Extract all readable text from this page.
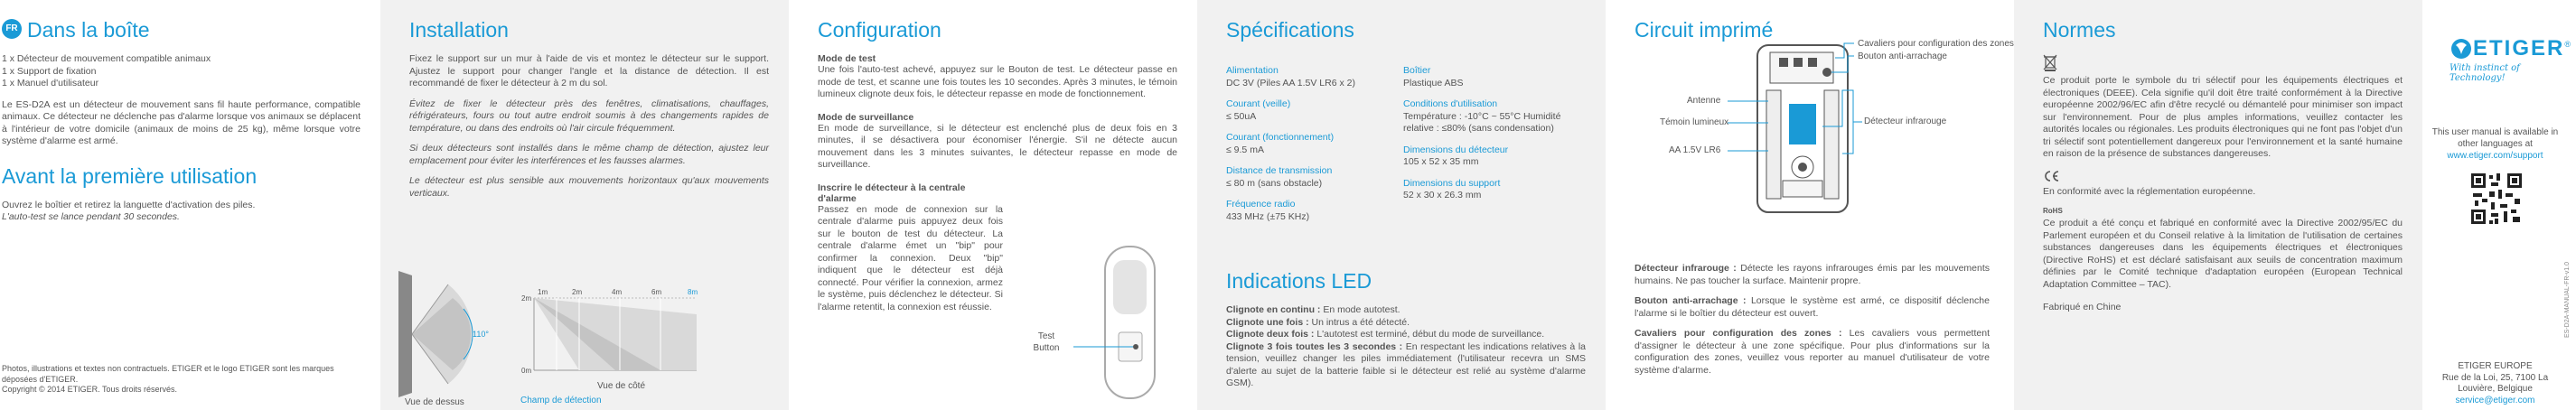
FR Dans la boîte
1 x Détecteur de mouvement compatible animaux
1 x Support de fixation
1 x Manuel d'utilisateur

Le ES-D2A est un détecteur de mouvement sans fil haute performance, compatible animaux. Ce détecteur ne déclenche pas d'alarme lorsque vos animaux se déplacent à l'intérieur de votre domicile (animaux de moins de 25 kg), même lorsque votre système d'alarme est armé.

Avant la première utilisation

Ouvrez le boîtier et retirez la languette d'activation des piles.

L'auto-test se lance pendant 30 secondes.

Photos, illustrations et textes non contractuels. ETIGER et le logo ETIGER sont les marques déposées d'ETIGER.
Copyright © 2014 ETIGER. Tous droits réservés.
Installation

Fixez le support sur un mur à l'aide de vis et montez le détecteur sur le support. Ajustez le support pour changer l'angle et la distance de détection. Il est recommandé de fixer le détecteur à 2 m du sol.

Évitez de fixer le détecteur près des fenêtres, climatisations, chauffages, réfrigérateurs, fours ou tout autre endroit soumis à des changements rapides de température, ou dans des endroits où l'air circule fréquemment.

Si deux détecteurs sont installés dans le même champ de détection, ajustez leur emplacement pour éviter les interférences et les fausses alarmes.

Le détecteur est plus sensible aux mouvements horizontaux qu'aux mouvements verticaux.

110°
Vue de dessus
2m
0m
1m	2m	4m	6m	8m
Vue de côté
Champ de détection
Configuration
Mode de test

Une fois l'auto-test achevé, appuyez sur le Bouton de test. Le détecteur passe en mode de test, et scanne une fois toutes les 10 secondes. Après 3 minutes, le témoin lumineux clignote deux fois, le détecteur repasse en mode de fonctionnement.

Mode de surveillance

En mode de surveillance, si le détecteur est enclenché plus de deux fois en 3 minutes, il se désactivera pour économiser l'énergie. S'il ne détecte aucun mouvement dans les 3 minutes suivantes, le détecteur repasse en mode de surveillance.

Inscrire le détecteur à la centrale d'alarme

Passez en mode de connexion sur la centrale d'alarme puis appuyez deux fois sur le bouton de test du détecteur. La centrale d'alarme émet un "bip" pour confirmer la connexion. Deux "bip" indiquent que le détecteur est déjà connecté. Pour vérifier la connexion, armez le système, puis déclenchez le détecteur. Si l'alarme retentit, la connexion est réussie.

Test Button
Spécifications
Alimentation
DC 3V (Piles AA 1.5V LR6 x 2)
Courant (veille)
≤ 50uA
Courant (fonctionnement)
≤ 9.5 mA
Distance de transmission
≤ 80 m (sans obstacle)
Fréquence radio
433 MHz (±75 KHz)
Boîtier
Plastique ABS
Conditions d'utilisation
Température : -10°C ~ 55°C Humidité relative : ≤80% (sans condensation)
Dimensions du détecteur
105 x 52 x 35 mm
Dimensions du support
52 x 30 x 26.3 mm
Indications LED

Clignote en continu : En mode autotest.

Clignote une fois : Un intrus a été détecté.

Clignote deux fois : L'autotest est terminé, début du mode de surveillance.

Clignote 3 fois toutes les 3 secondes : En respectant les indications relatives à la tension, veuillez changer les piles immédiatement (l'utilisateur recevra un SMS d'alerte au sujet de la batterie faible si le détecteur est relié au système d'alarme GSM).

Circuit imprimé
Cavaliers pour configuration des zones
Bouton anti-arrachage
Antenne
Témoin lumineux
AA 1.5V LR6
Détecteur infrarouge

Détecteur infrarouge : Détecte les rayons infrarouges émis par les mouvements humains. Ne pas toucher la surface. Maintenir propre.

Bouton anti-arrachage : Lorsque le système est armé, ce dispositif déclenche l'alarme si le boîtier du détecteur est ouvert.

Cavaliers pour configuration des zones : Les cavaliers vous permettent d'assigner le détecteur à une zone spécifique. Pour plus d'informations sur la configuration des zones, veuillez vous reporter au manuel d'utilisateur de votre système d'alarme.

Normes

Ce produit porte le symbole du tri sélectif pour les équipements électriques et électroniques (DEEE). Cela signifie qu'il doit être traité conformément à la Directive européenne 2002/96/EC afin d'être recyclé ou démantelé pour minimiser son impact sur l'environnement. Pour de plus amples informations, veuillez contacter les autorités locales ou régionales. Les produits électroniques qui ne font pas l'objet d'un tri sélectif sont potentiellement dangereux pour l'environnement et la santé humaine en raison de la présence de substances dangereuses.

En conformité avec la réglementation européenne.

RoHS

Ce produit a été conçu et fabriqué en conformité avec la Directive 2002/95/EC du Parlement européen et du Conseil relative à la limitation de l'utilisation de certaines substances dangereuses dans les équipements électriques et électroniques (Directive RoHS) et est déclaré satisfaisant aux seuils de concentration maximum définies par le Comité technique d'adaptation européen (European Technical Adaptation Committee – TAC).

Fabriqué en Chine

ETIGER®
With instinct of Technology!
This user manual is available in other languages at
www.etiger.com/support
ETIGER EUROPE
Rue de la Loi, 25, 7100 La Louvière, Belgique
service@etiger.com
ES-D2A-MANUAL-FR-v1.0
